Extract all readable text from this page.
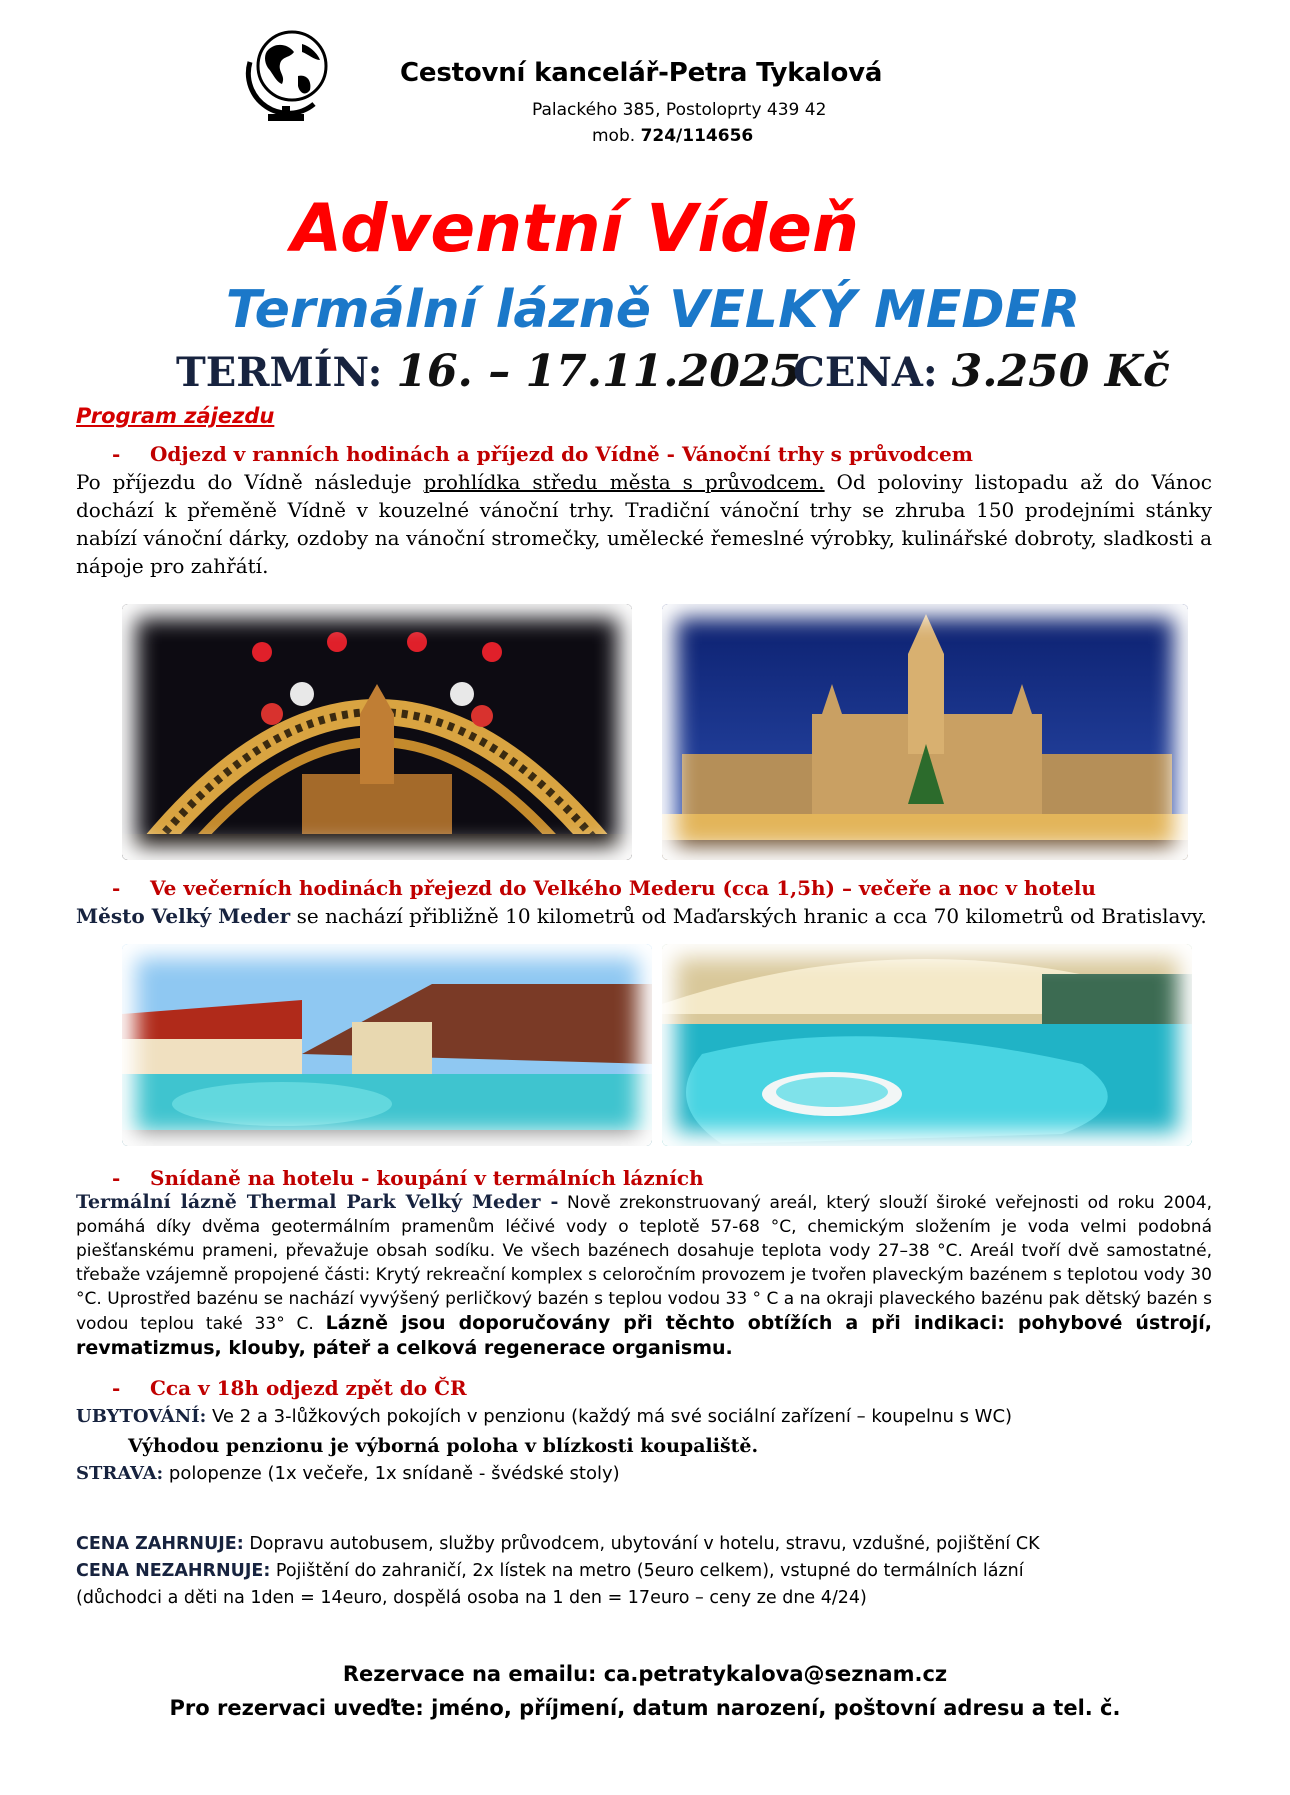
Cestovní kancelář-Petra Tykalová
Palackého 385, Postoloprty 439 42
mob. 724/114656
Adventní Vídeň
Termální lázně VELKÝ MEDER
TERMÍN: 16. – 17.11.2025
CENA: 3.250 Kč
Program zájezdu
- Odjezd v ranních hodinách a příjezd do Vídně - Vánoční trhy s průvodcem
Po příjezdu do Vídně následuje prohlídka středu města s průvodcem. Od poloviny listopadu až do Vánoc dochází k přeměně Vídně v kouzelné vánoční trhy. Tradiční vánoční trhy se zhruba 150 prodejními stánky nabízí vánoční dárky, ozdoby na vánoční stromečky, umělecké řemeslné výrobky, kulinářské dobroty, sladkosti a nápoje pro zahřátí.
- Ve večerních hodinách přejezd do Velkého Mederu (cca 1,5h) – večeře a noc v hotelu
Město Velký Meder se nachází přibližně 10 kilometrů od Maďarských hranic a cca 70 kilometrů od Bratislavy.
- Snídaně na hotelu - koupání v termálních lázních
Termální lázně Thermal Park Velký Meder - Nově zrekonstruovaný areál, který slouží široké veřejnosti od roku 2004, pomáhá díky dvěma geotermálním pramenům léčivé vody o teplotě 57-68 °C, chemickým složením je voda velmi podobná piešťanskému prameni, převažuje obsah sodíku. Ve všech bazénech dosahuje teplota vody 27–38 °C. Areál tvoří dvě samostatné, třebaže vzájemně propojené části: Krytý rekreační komplex s celoročním provozem je tvořen plaveckým bazénem s teplotou vody 30 °C. Uprostřed bazénu se nachází vyvýšený perličkový bazén s teplou vodou 33 ° C a na okraji plaveckého bazénu pak dětský bazén s vodou teplou také 33° C. Lázně jsou doporučovány při těchto obtížích a při indikaci: pohybové ústrojí, revmatizmus, klouby, páteř a celková regenerace organismu.
- Cca v 18h odjezd zpět do ČR
UBYTOVÁNÍ: Ve 2 a 3-lůžkových pokojích v penzionu (každý má své sociální zařízení – koupelnu s WC)
Výhodou penzionu je výborná poloha v blízkosti koupaliště.
STRAVA: polopenze (1x večeře, 1x snídaně - švédské stoly)
CENA ZAHRNUJE: Dopravu autobusem, služby průvodcem, ubytování v hotelu, stravu, vzdušné, pojištění CK
CENA NEZAHRNUJE: Pojištění do zahraničí, 2x lístek na metro (5euro celkem), vstupné do termálních lázní
(důchodci a děti na 1den = 14euro, dospělá osoba na 1 den = 17euro – ceny ze dne 4/24)
Rezervace na emailu: ca.petratykalova@seznam.cz
Pro rezervaci uveďte: jméno, příjmení, datum narození, poštovní adresu a tel. č.
